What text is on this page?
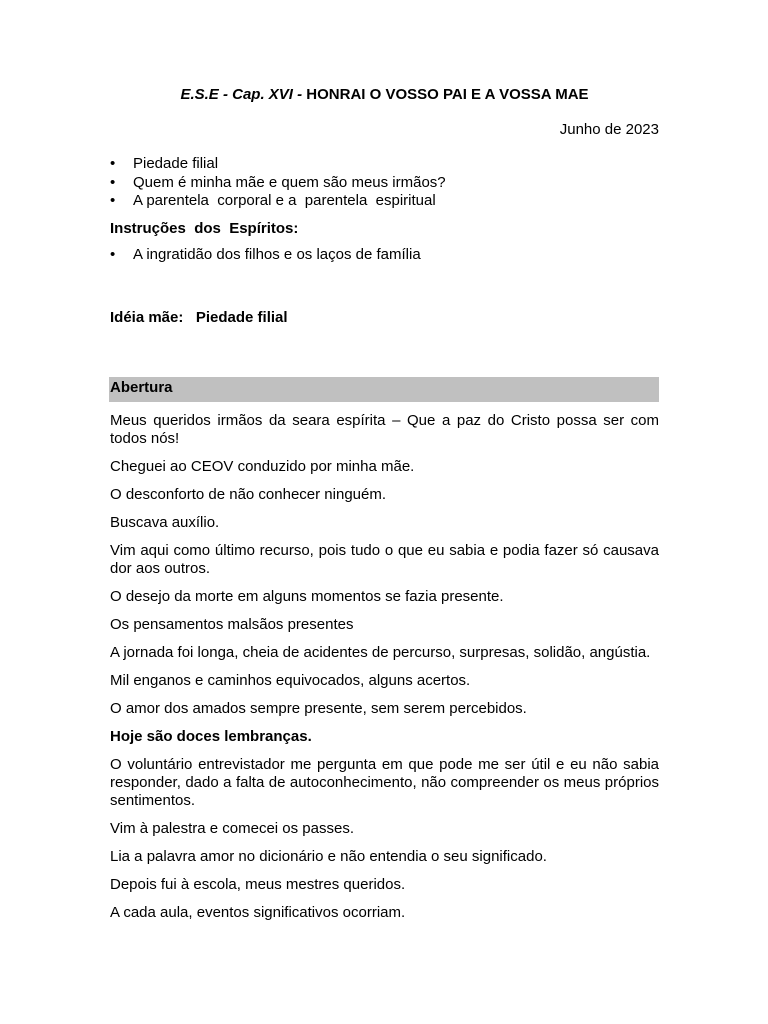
E.S.E - Cap. XVI - HONRAI O VOSSO PAI E A VOSSA MAE
Junho de 2023
• Piedade filial
• Quem é minha mãe e quem são meus irmãos?
• A parentela  corporal e a  parentela  espiritual
Instruções  dos  Espíritos:
• A ingratidão dos filhos e os laços de família
Idéia mãe:   Piedade filial
Abertura

Meus queridos irmãos da seara espírita – Que a paz do Cristo possa ser com todos nós!

Cheguei ao CEOV conduzido por minha mãe.

O desconforto de não conhecer ninguém.

Buscava auxílio.

Vim aqui como último recurso, pois tudo o que eu sabia e podia fazer só causava dor aos outros.

O desejo da morte em alguns momentos se fazia presente.

Os pensamentos malsãos presentes

A jornada foi longa, cheia de acidentes de percurso, surpresas, solidão, angústia.

Mil enganos e caminhos equivocados, alguns acertos.

O amor dos amados sempre presente, sem serem percebidos.

Hoje são doces lembranças.

O voluntário entrevistador me pergunta em que pode me ser útil e eu não sabia responder, dado a falta de autoconhecimento, não compreender os meus próprios sentimentos.

Vim à palestra e comecei os passes.

Lia a palavra amor no dicionário e não entendia o seu significado.

Depois fui à escola, meus mestres queridos.

A cada aula, eventos significativos ocorriam.
